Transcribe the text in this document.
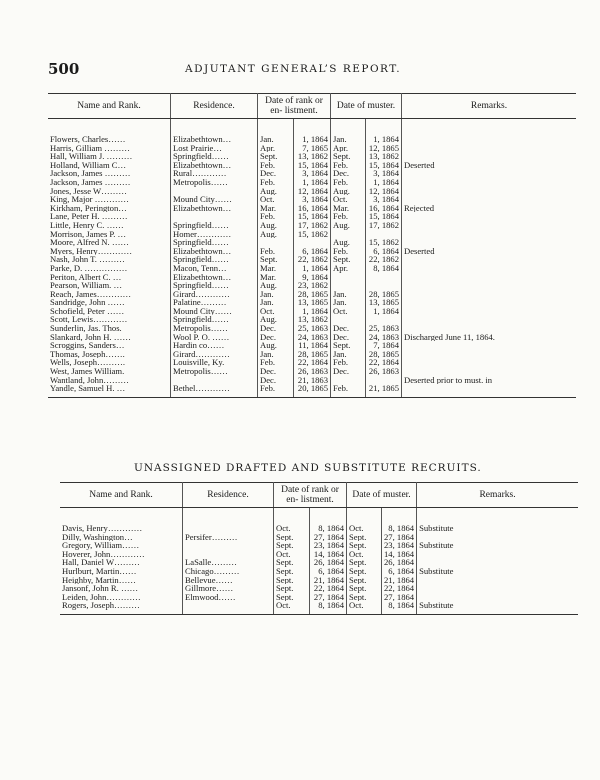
500	ADJUTANT GENERAL’S REPORT.
Name and Rank.	Residence.	Date of rank or en- listment.		Date of muster.		Remarks.

Flowers, Charles……	Elizabethtown…	Jan.	1, 1864	Jan.	1, 1864	
Harris, Gilliam ………	Lost Prairie…	Apr.	7, 1865	Apr.	12, 1865	
Hall, William J. ………	Springfield……	Sept.	13, 1862	Sept.	13, 1862	
Holland, William C…	Elizabethtown…	Feb.	15, 1864	Feb.	15, 1864	Deserted
Jackson, James ………	Rural…………	Dec.	3, 1864	Dec.	3, 1864	
Jackson, James ………	Metropolis……	Feb.	1, 1864	Feb.	1, 1864	
Jones, Jesse W………		Aug.	12, 1864	Aug.	12, 1864	
King, Major …………	Mound City……	Oct.	3, 1864	Oct.	3, 1864	
Kirkham, Perington…	Elizabethtown…	Mar.	16, 1864	Mar.	16, 1864	Rejected
Lane, Peter H. ………		Feb.	15, 1864	Feb.	15, 1864	
Little, Henry C. ……	Springfield……	Aug.	17, 1862	Aug.	17, 1862	
Morrison, James P. …	Homer…………	Aug.	15, 1862			
Moore, Alfred N. ……	Springfield……			Aug.	15, 1862	
Myers, Henry…………	Elizabethtown…	Feb.	6, 1864	Feb.	6, 1864	Deserted
Nash, John T. ………	Springfield……	Sept.	22, 1862	Sept.	22, 1862	
Parke, D. ……………	Macon, Tenn…	Mar.	1, 1864	Apr.	8, 1864	
Periton, Albert C. …	Elizabethtown…	Mar.	9, 1864			
Pearson, William. …	Springfield……	Aug.	23, 1862			
Reach, James…………	Girard…………	Jan.	28, 1865	Jan.	28, 1865	
Sandridge, John ……	Palatine………	Jan.	13, 1865	Jan.	13, 1865	
Schofield, Peter ……	Mound City……	Oct.	1, 1864	Oct.	1, 1864	
Scott, Lewis…………	Springfield……	Aug.	13, 1862			
Sunderlin, Jas. Thos.	Metropolis……	Dec.	25, 1863	Dec.	25, 1863	
Slankard, John H. ……	Wool P. O. ……	Dec.	24, 1863	Dec.	24, 1863	Discharged June 11, 1864.
Scroggins, Sanders…	Hardin co……	Aug.	11, 1864	Sept.	7, 1864	
Thomas, Joseph…….	Girard…………	Jan.	28, 1865	Jan.	28, 1865	
Wells, Joseph……….	Louisville, Ky.	Feb.	22, 1864	Feb.	22, 1864	
West, James William.	Metropolis……	Dec.	26, 1863	Dec.	26, 1863	
Wantland, John………		Dec.	21, 1863			Deserted prior to must. in
Yandle, Samuel H. …	Bethel…………	Feb.	20, 1865	Feb.	21, 1865	

UNASSIGNED DRAFTED AND SUBSTITUTE RECRUITS.
Name and Rank.	Residence.	Date of rank or en- listment.		Date of muster.		Remarks.

Davis, Henry…………		Oct.	8, 1864	Oct.	8, 1864	Substitute
Dilly, Washington…	Persifer………	Sept.	27, 1864	Sept.	27, 1864	
Gregory, William……		Sept.	23, 1864	Sept.	23, 1864	Substitute
Hoverer, John…………		Oct.	14, 1864	Oct.	14, 1864	
Hall, Daniel W………	LaSalle………	Sept.	26, 1864	Sept.	26, 1864	
Hurlburt, Martin……	Chicago………	Sept.	6, 1864	Sept.	6, 1864	Substitute
Heighby, Martin……	Bellevue……	Sept.	21, 1864	Sept.	21, 1864	
Jansonf, John R. ……	Gillmore……	Sept.	22, 1864	Sept.	22, 1864	
Leiden, John…………	Elmwood……	Sept.	27, 1864	Sept.	27, 1864	
Rogers, Joseph………		Oct.	8, 1864	Oct.	8, 1864	Substitute
